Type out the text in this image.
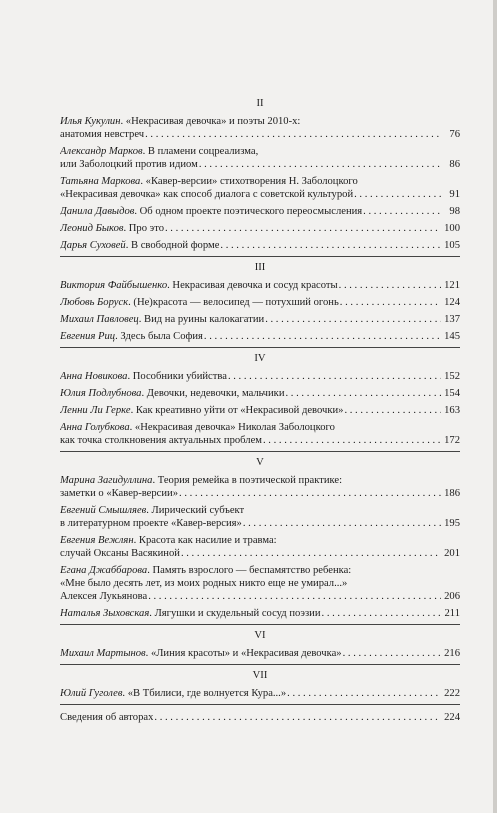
II
Илья Кукулин. «Некрасивая девочка» и поэты 2010-х:
анатомия невстреч . . .	76
Александр Марков. В пламени соцреализма,
или Заболоцкий против идиом . . .	86
Татьяна Маркова. «Кавер-версии» стихотворения Н. Заболоцкого
«Некрасивая девочка» как способ диалога с советской культурой . . .	91
Данила Давыдов. Об одном проекте поэтического переосмысления . . .	98
Леонид Быков. Про это . . .	100
Дарья Суховей. В свободной форме . . .	105
III
Виктория Файбышенко. Некрасивая девочка и сосуд красоты . . .	121
Любовь Боруск. (Не)красота — велосипед — потухший огонь . . .	124
Михаил Павловец. Вид на руины калокагатии . . .	137
Евгения Риц. Здесь была София . . .	145
IV
Анна Новикова. Пособники убийства . . .	152
Юлия Подлубнова. Девочки, недевочки, мальчики . . .	154
Ленни Ли Герке. Как креативно уйти от «Некрасивой девочки» . . .	163
Анна Голубкова. «Некрасивая девочка» Николая Заболоцкого
как точка столкновения актуальных проблем . . .	172
V
Марина Загидуллина. Теория ремейка в поэтической практике:
заметки о «Кавер-версии» . . .	186
Евгений Смышляев. Лирический субъект
в литературном проекте «Кавер-версия» . . .	195
Евгения Вежлян. Красота как насилие и травма:
случай Оксаны Васякиной . . .	201
Егана Джаббарова. Память взрослого — беспамятство ребенка:
«Мне было десять лет, из моих родных никто еще не умирал...»
Алексея Лукьянова . . .	206
Наталья Зыховская. Лягушки и скудельный сосуд поэзии . . .	211
VI
Михаил Мартынов. «Линия красоты» и «Некрасивая девочка» . . .	216
VII
Юлий Гуголев. «В Тбилиси, где волнуется Кура...» . . .	222
Сведения об авторах . . .	224
